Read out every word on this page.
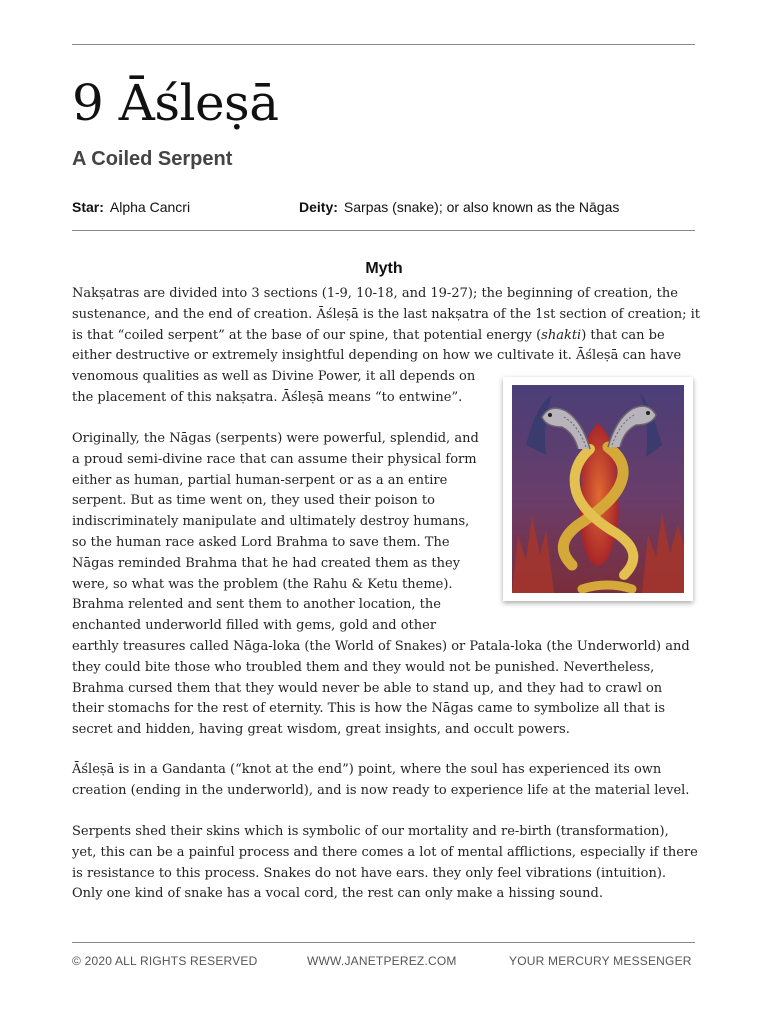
9 Āśleṣā
A Coiled Serpent
Star: Alpha Cancri	Deity: Sarpas (snake); or also known as the Nāgas
Myth
Nakṣatras are divided into 3 sections (1-9, 10-18, and 19-27); the beginning of creation, the
sustenance, and the end of creation. Āśleṣā is the last nakṣatra of the 1st section of creation; it
is that “coiled serpent” at the base of our spine, that potential energy (shakti) that can be
either destructive or extremely insightful depending on how we cultivate it. Āśleṣā can have
venomous qualities as well as Divine Power, it all depends on
the placement of this nakṣatra. Āśleṣā means “to entwine”.
Originally, the Nāgas (serpents) were powerful, splendid, and
a proud semi-divine race that can assume their physical form
either as human, partial human-serpent or as a an entire
serpent. But as time went on, they used their poison to
indiscriminately manipulate and ultimately destroy humans,
so the human race asked Lord Brahma to save them. The
Nāgas reminded Brahma that he had created them as they
were, so what was the problem (the Rahu & Ketu theme).
Brahma relented and sent them to another location, the
enchanted underworld filled with gems, gold and other
earthly treasures called Nāga-loka (the World of Snakes) or Patala-loka (the Underworld) and
they could bite those who troubled them and they would not be punished. Nevertheless,
Brahma cursed them that they would never be able to stand up, and they had to crawl on
their stomachs for the rest of eternity. This is how the Nāgas came to symbolize all that is
secret and hidden, having great wisdom, great insights, and occult powers.
Āśleṣā is in a Gandanta (“knot at the end”) point, where the soul has experienced its own
creation (ending in the underworld), and is now ready to experience life at the material level.
Serpents shed their skins which is symbolic of our mortality and re-birth (transformation),
yet, this can be a painful process and there comes a lot of mental afflictions, especially if there
is resistance to this process. Snakes do not have ears. they only feel vibrations (intuition).
Only one kind of snake has a vocal cord, the rest can only make a hissing sound.
© 2020 ALL RIGHTS RESERVED	WWW.JANETPEREZ.COM	YOUR MERCURY MESSENGER
